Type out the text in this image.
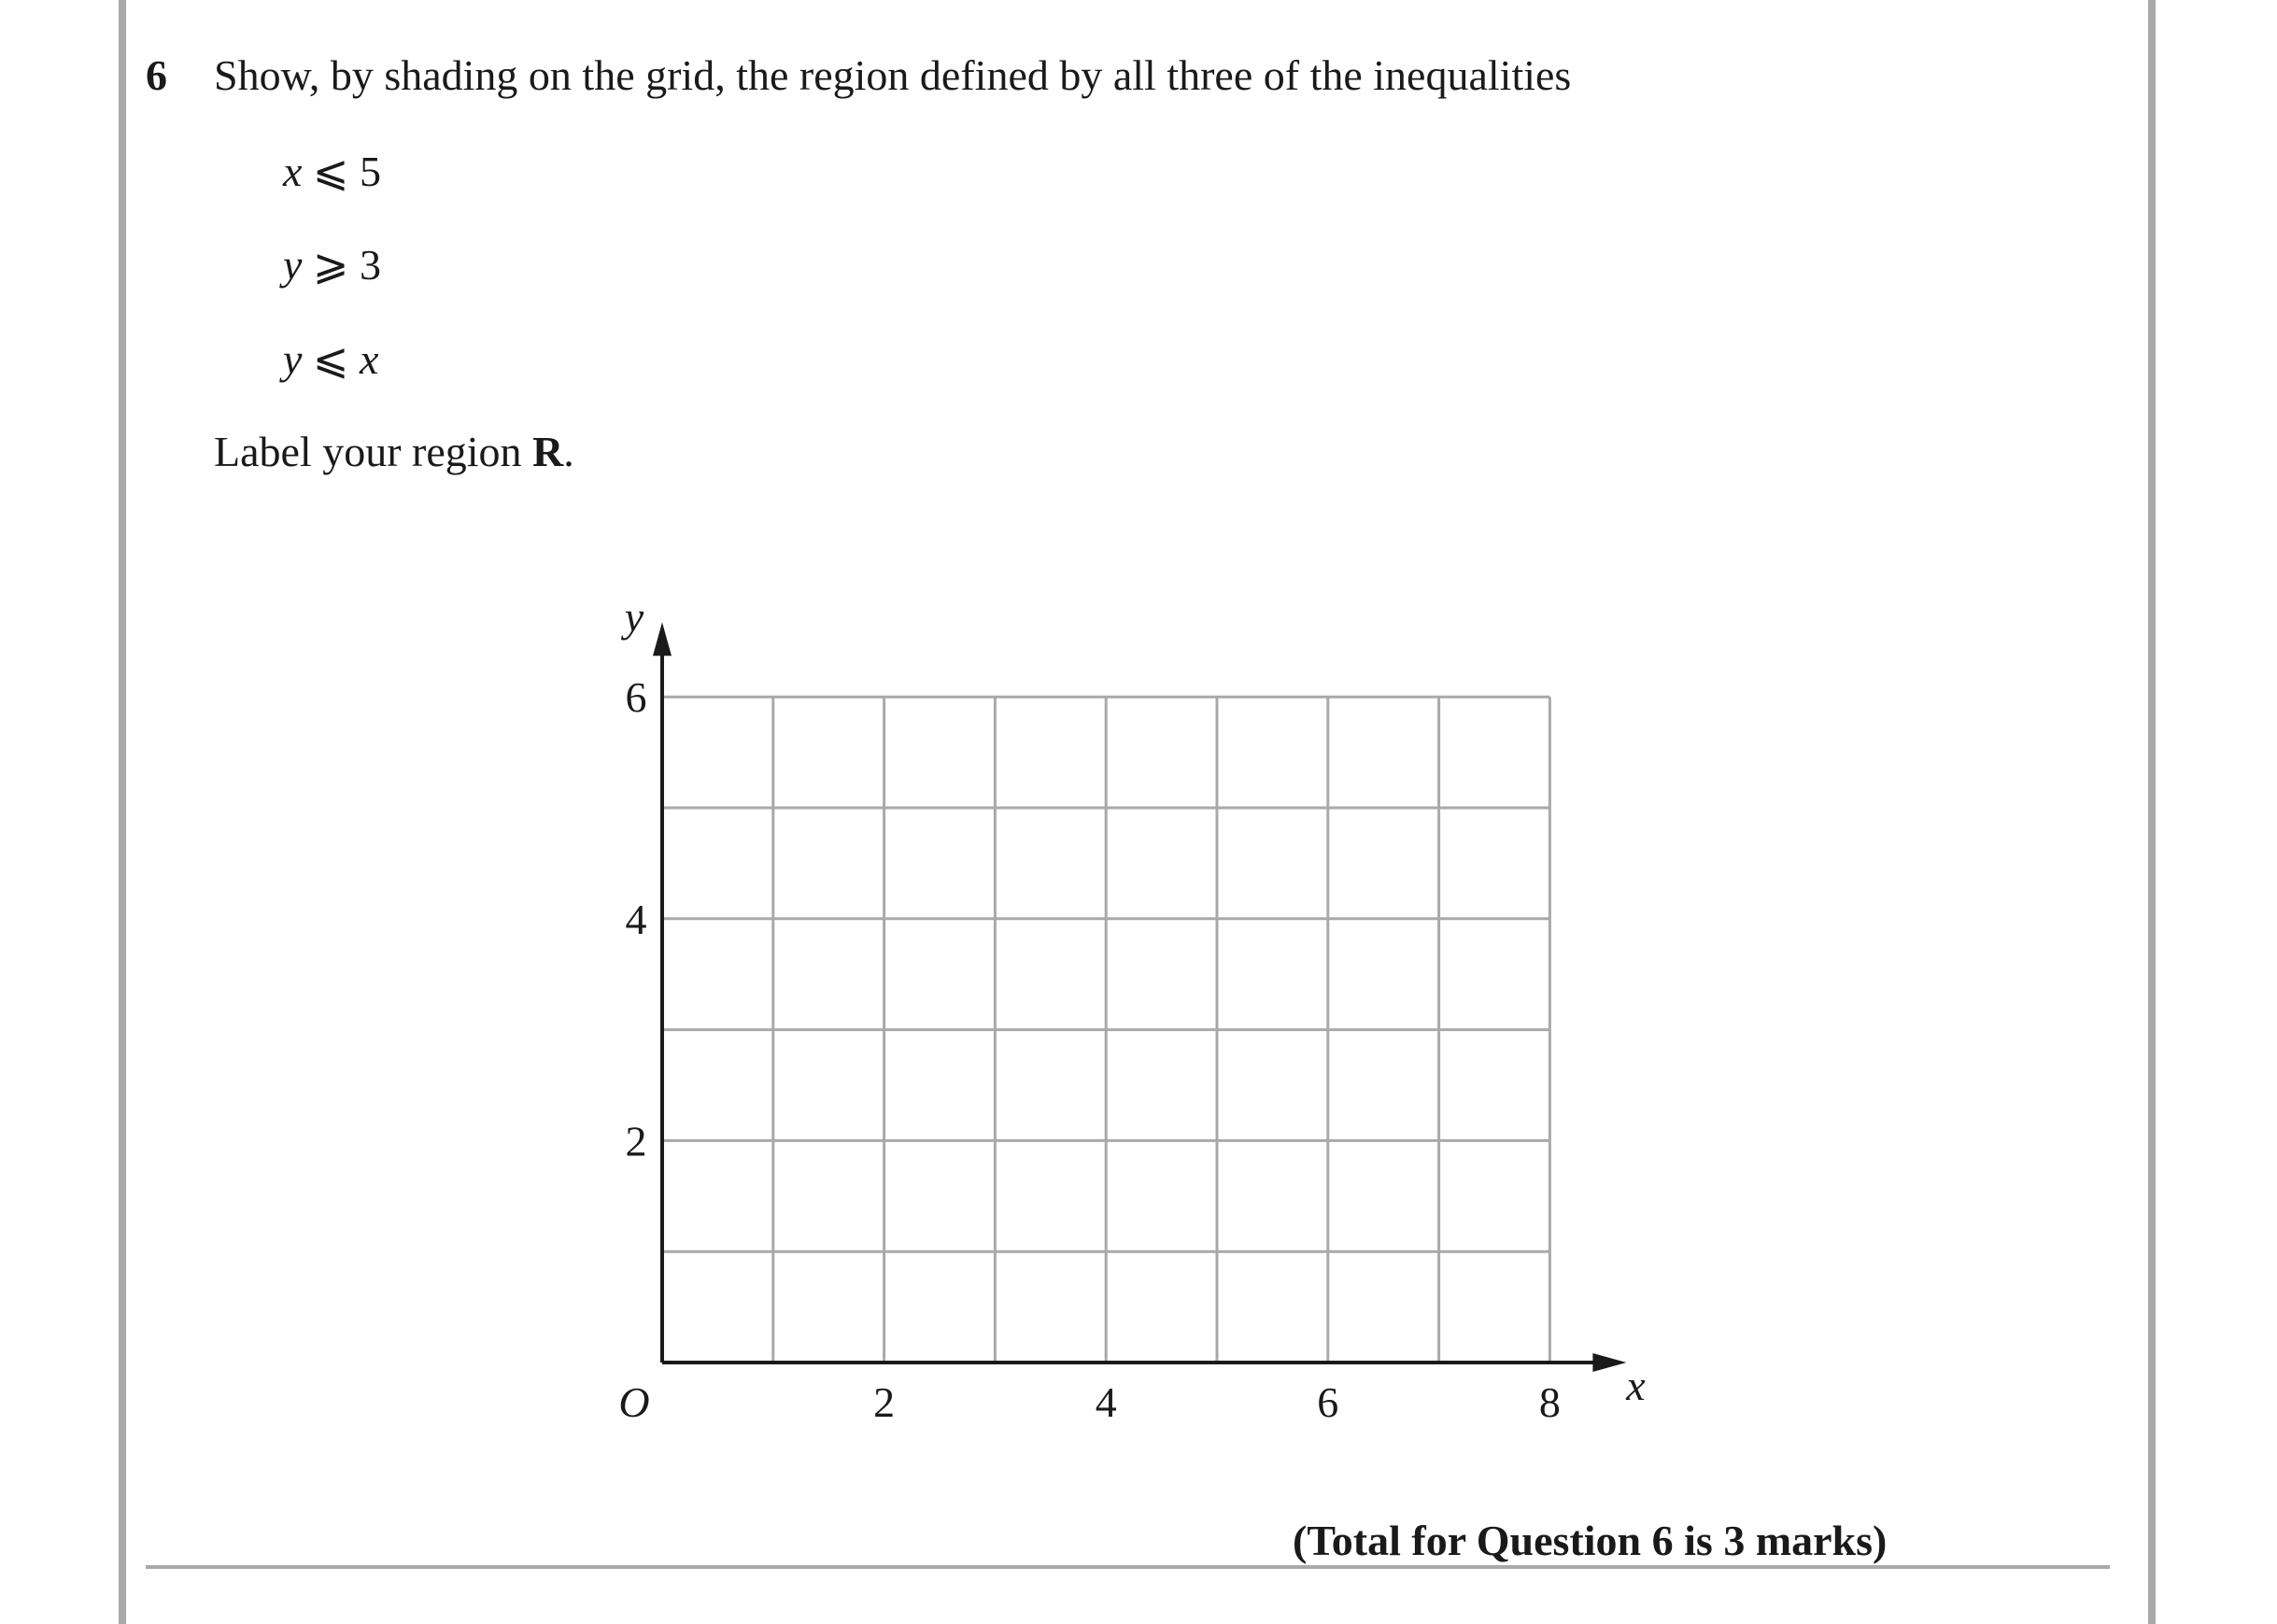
6 Show, by shading on the grid, the region defined by all three of the inequalities
x ⩽ 5
y ⩾ 3
y ⩽ x
Label your region R.
2	4	6	8
2
4
6
O	x
y
(Total for Question 6 is 3 marks)
